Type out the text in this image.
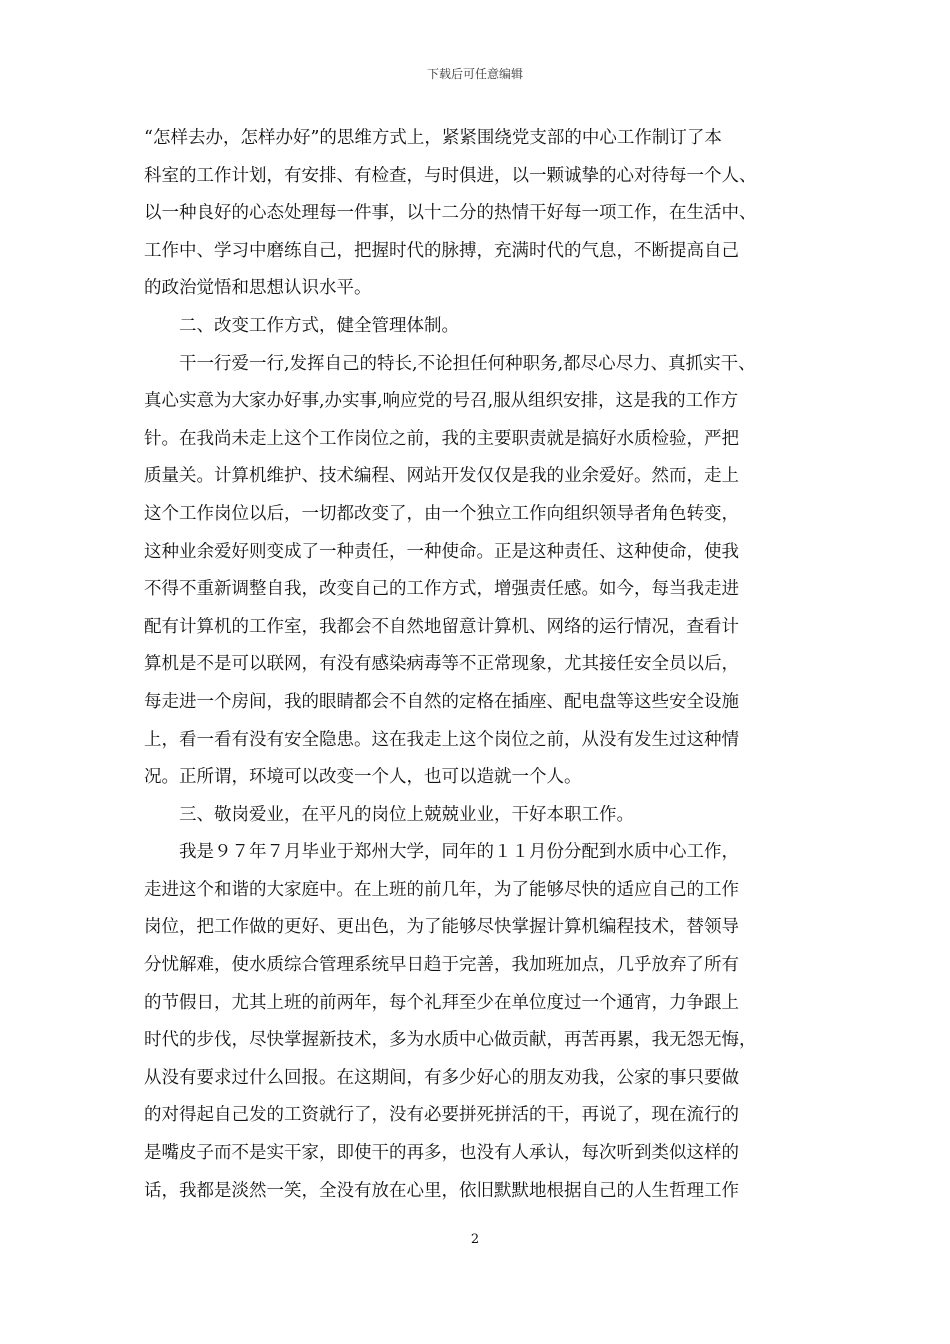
下载后可任意编辑
“怎样去办，怎样办好”的思维方式上，紧紧围绕党支部的中心工作制订了本
科室的工作计划，有安排、有检查，与时俱进，以一颗诚挚的心对待每一个人、
以一种良好的心态处理每一件事，以十二分的热情干好每一项工作，在生活中、
工作中、学习中磨练自己，把握时代的脉搏，充满时代的气息，不断提高自己
的政治觉悟和思想认识水平。
　　二、改变工作方式，健全管理体制。
　　干一行爱一行,发挥自己的特长,不论担任何种职务,都尽心尽力、真抓实干、
真心实意为大家办好事,办实事,响应党的号召,服从组织安排，这是我的工作方
针。在我尚未走上这个工作岗位之前，我的主要职责就是搞好水质检验，严把
质量关。计算机维护、技术编程、网站开发仅仅是我的业余爱好。然而，走上
这个工作岗位以后，一切都改变了，由一个独立工作向组织领导者角色转变，
这种业余爱好则变成了一种责任，一种使命。正是这种责任、这种使命，使我
不得不重新调整自我，改变自己的工作方式，增强责任感。如今，每当我走进
配有计算机的工作室，我都会不自然地留意计算机、网络的运行情况，查看计
算机是不是可以联网，有没有感染病毒等不正常现象，尤其接任安全员以后，
每走进一个房间，我的眼睛都会不自然的定格在插座、配电盘等这些安全设施
上，看一看有没有安全隐患。这在我走上这个岗位之前，从没有发生过这种情
况。正所谓，环境可以改变一个人，也可以造就一个人。
　　三、敬岗爱业，在平凡的岗位上兢兢业业，干好本职工作。
　　我是９７年７月毕业于郑州大学，同年的１１月份分配到水质中心工作，
走进这个和谐的大家庭中。在上班的前几年，为了能够尽快的适应自己的工作
岗位，把工作做的更好、更出色，为了能够尽快掌握计算机编程技术，替领导
分忧解难，使水质综合管理系统早日趋于完善，我加班加点，几乎放弃了所有
的节假日，尤其上班的前两年，每个礼拜至少在单位度过一个通宵，力争跟上
时代的步伐，尽快掌握新技术，多为水质中心做贡献，再苦再累，我无怨无悔，
从没有要求过什么回报。在这期间，有多少好心的朋友劝我，公家的事只要做
的对得起自己发的工资就行了，没有必要拼死拼活的干，再说了，现在流行的
是嘴皮子而不是实干家，即使干的再多，也没有人承认，每次听到类似这样的
话，我都是淡然一笑，全没有放在心里，依旧默默地根据自己的人生哲理工作
2
